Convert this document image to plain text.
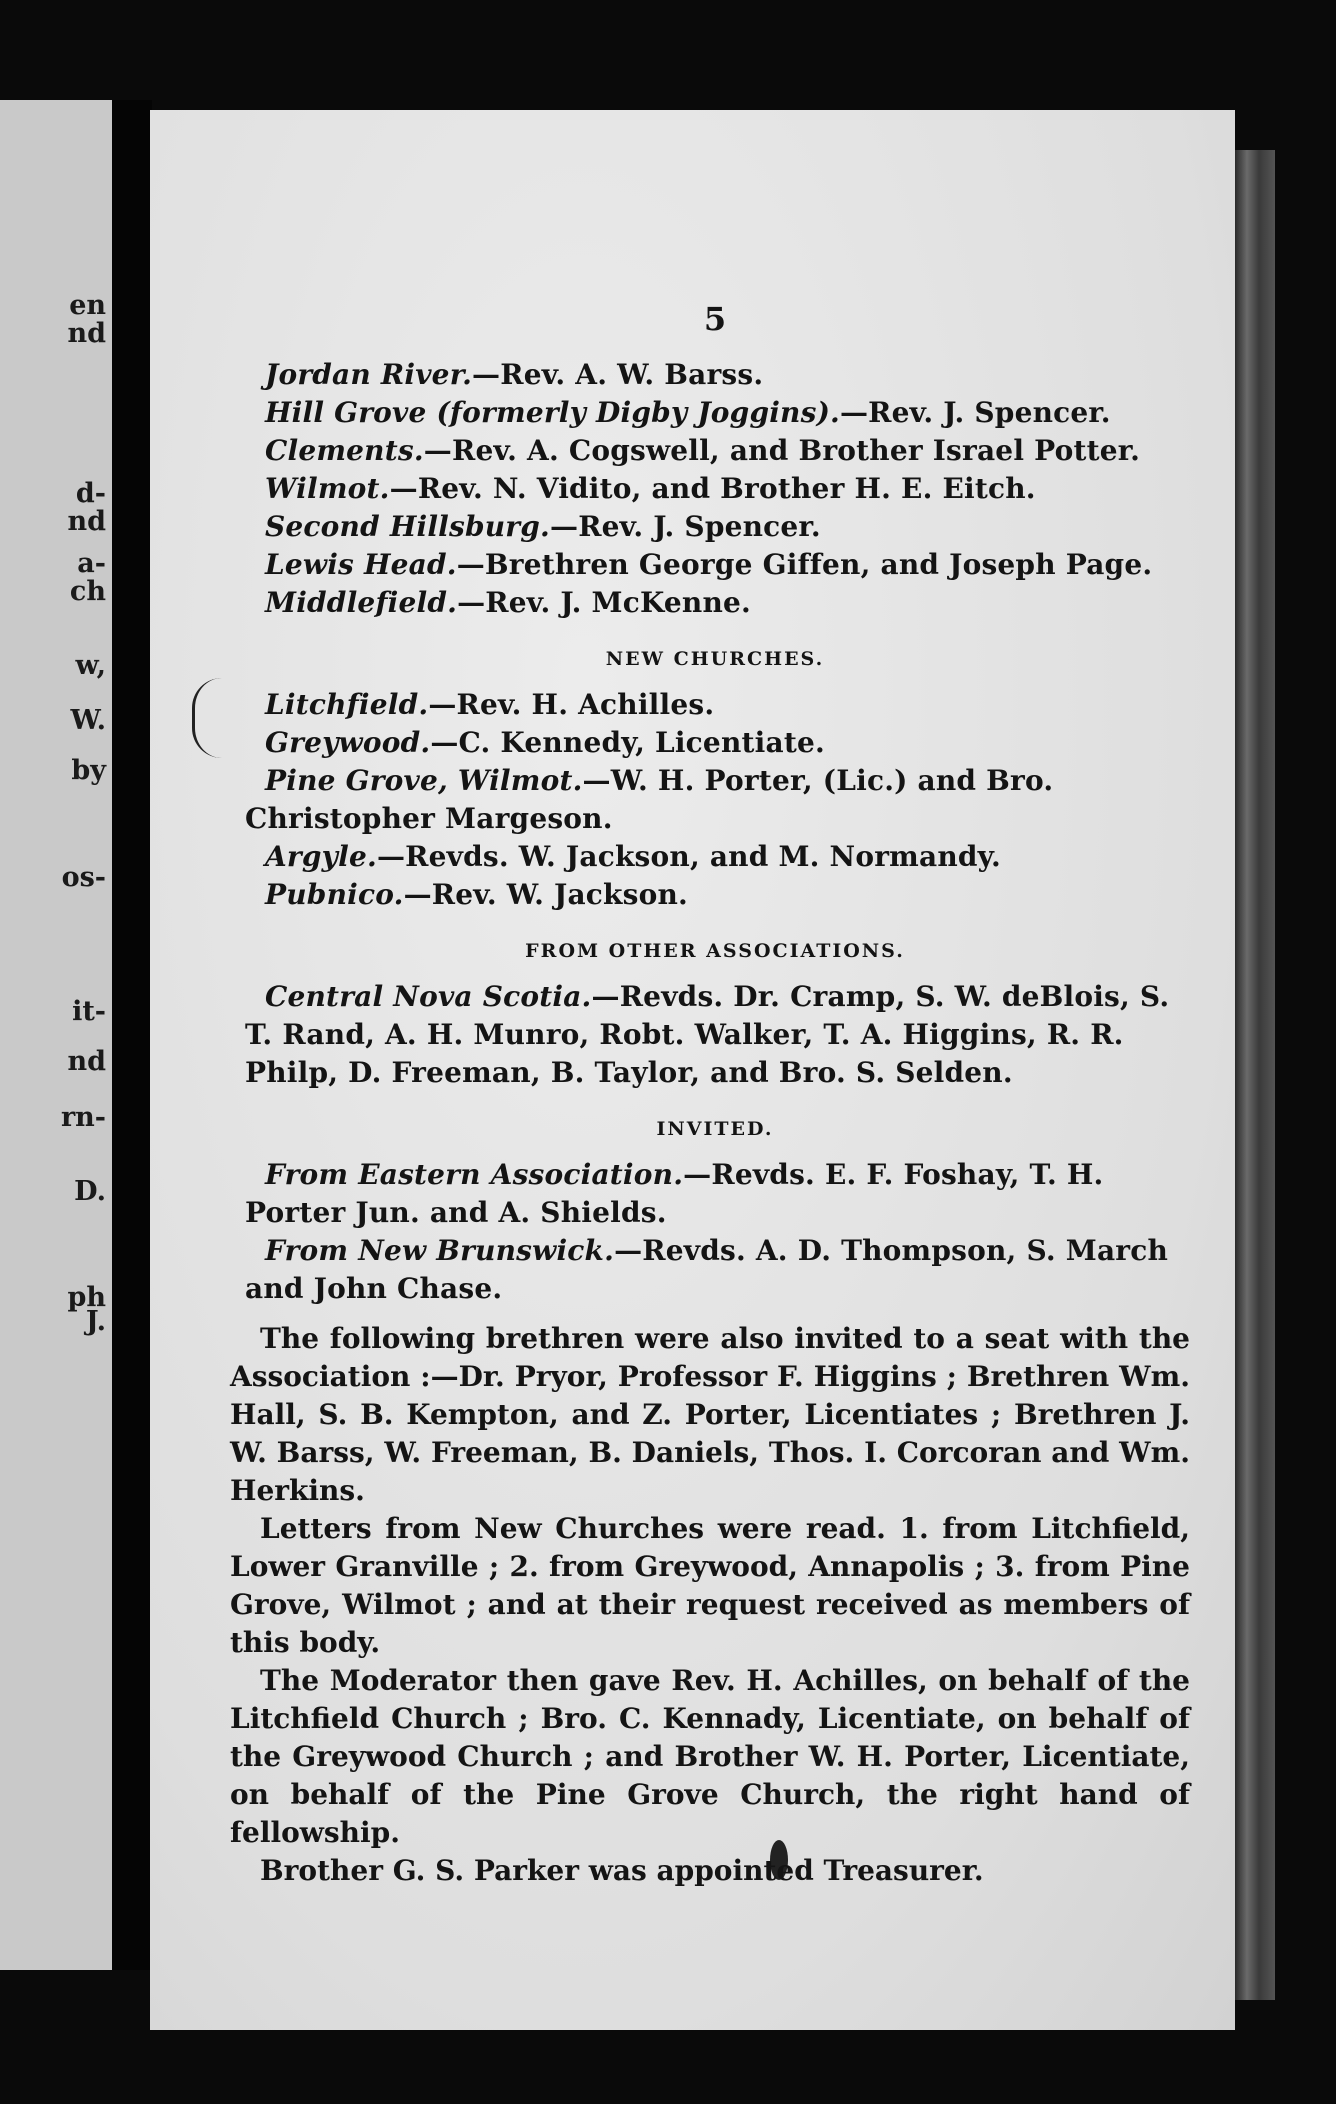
en
nd
d-
nd
a-
ch
w,
W.
by
os-
it-
nd
rn-
D.
ph
J.
5

Jordan River.—Rev. A. W. Barss.

Hill Grove (formerly Digby Joggins).—Rev. J. Spencer.

Clements.—Rev. A. Cogswell, and Brother Israel Potter.

Wilmot.—Rev. N. Vidito, and Brother H. E. Eitch.

Second Hillsburg.—Rev. J. Spencer.

Lewis Head.—Brethren George Giffen, and Joseph Page.

Middlefield.—Rev. J. McKenne.

NEW CHURCHES.

Litchfield.—Rev. H. Achilles.

Greywood.—C. Kennedy, Licentiate.

Pine Grove, Wilmot.—W. H. Porter, (Lic.) and Bro. Christopher Margeson.

Argyle.—Revds. W. Jackson, and M. Normandy.

Pubnico.—Rev. W. Jackson.

FROM OTHER ASSOCIATIONS.

Central Nova Scotia.—Revds. Dr. Cramp, S. W. deBlois, S. T. Rand, A. H. Munro, Robt. Walker, T. A. Higgins, R. R. Philp, D. Freeman, B. Taylor, and Bro. S. Selden.

INVITED.

From Eastern Association.—Revds. E. F. Foshay, T. H. Porter Jun. and A. Shields.

From New Brunswick.—Revds. A. D. Thompson, S. March and John Chase.

The following brethren were also invited to a seat with the Association :—Dr. Pryor, Professor F. Higgins ; Brethren Wm. Hall, S. B. Kempton, and Z. Porter, Licentiates ; Brethren J. W. Barss, W. Freeman, B. Daniels, Thos. I. Corcoran and Wm. Herkins.

Letters from New Churches were read. 1. from Litchfield, Lower Granville ; 2. from Greywood, Annapolis ; 3. from Pine Grove, Wilmot ; and at their request received as members of this body.

The Moderator then gave Rev. H. Achilles, on behalf of the Litchfield Church ; Bro. C. Kennady, Licentiate, on behalf of the Greywood Church ; and Brother W. H. Porter, Licentiate, on behalf of the Pine Grove Church, the right hand of fellowship.

Brother G. S. Parker was appointed Treasurer.
